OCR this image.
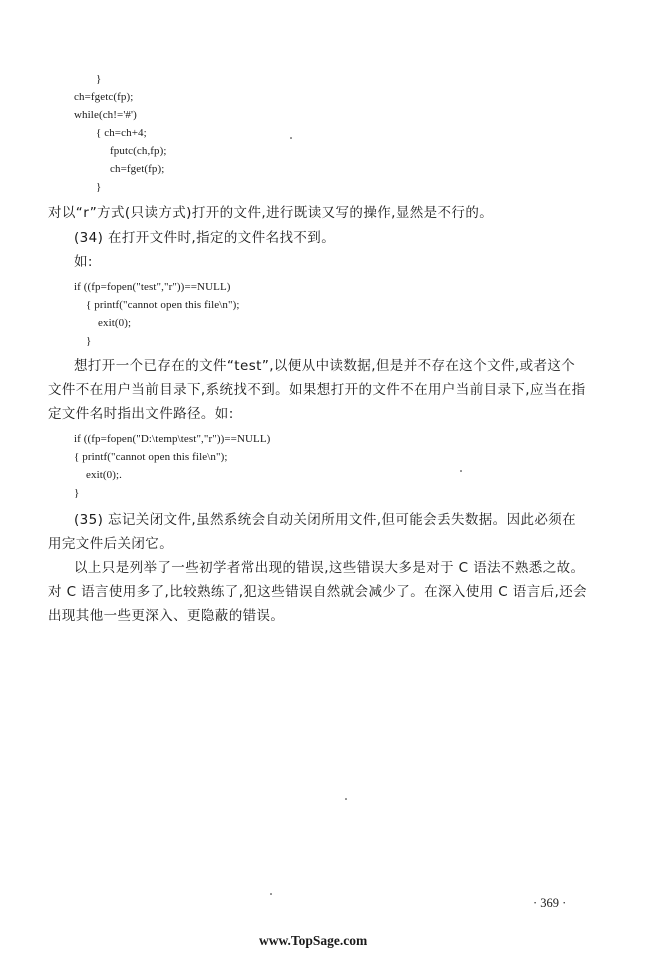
}
ch=fgetc(fp);
while(ch!='#')
{ ch=ch+4;
fputc(ch,fp);
ch=fget(fp);
}
对以“r”方式(只读方式)打开的文件,进行既读又写的操作,显然是不行的。
(34) 在打开文件时,指定的文件名找不到。
如:
if ((fp=fopen("test","r"))==NULL)
{ printf("cannot open this file\n");
exit(0);
}
想打开一个已存在的文件“test”,以便从中读数据,但是并不存在这个文件,或者这个
文件不在用户当前目录下,系统找不到。如果想打开的文件不在用户当前目录下,应当在指
定文件名时指出文件路径。如:
if ((fp=fopen("D:\temp\test","r"))==NULL)
{ printf("cannot open this file\n");
exit(0);.
}
(35) 忘记关闭文件,虽然系统会自动关闭所用文件,但可能会丢失数据。因此必须在
用完文件后关闭它。
以上只是列举了一些初学者常出现的错误,这些错误大多是对于 C 语法不熟悉之故。
对 C 语言使用多了,比较熟练了,犯这些错误自然就会减少了。在深入使用 C 语言后,还会
出现其他一些更深入、更隐蔽的错误。
· 369 ·
www.TopSage.com
